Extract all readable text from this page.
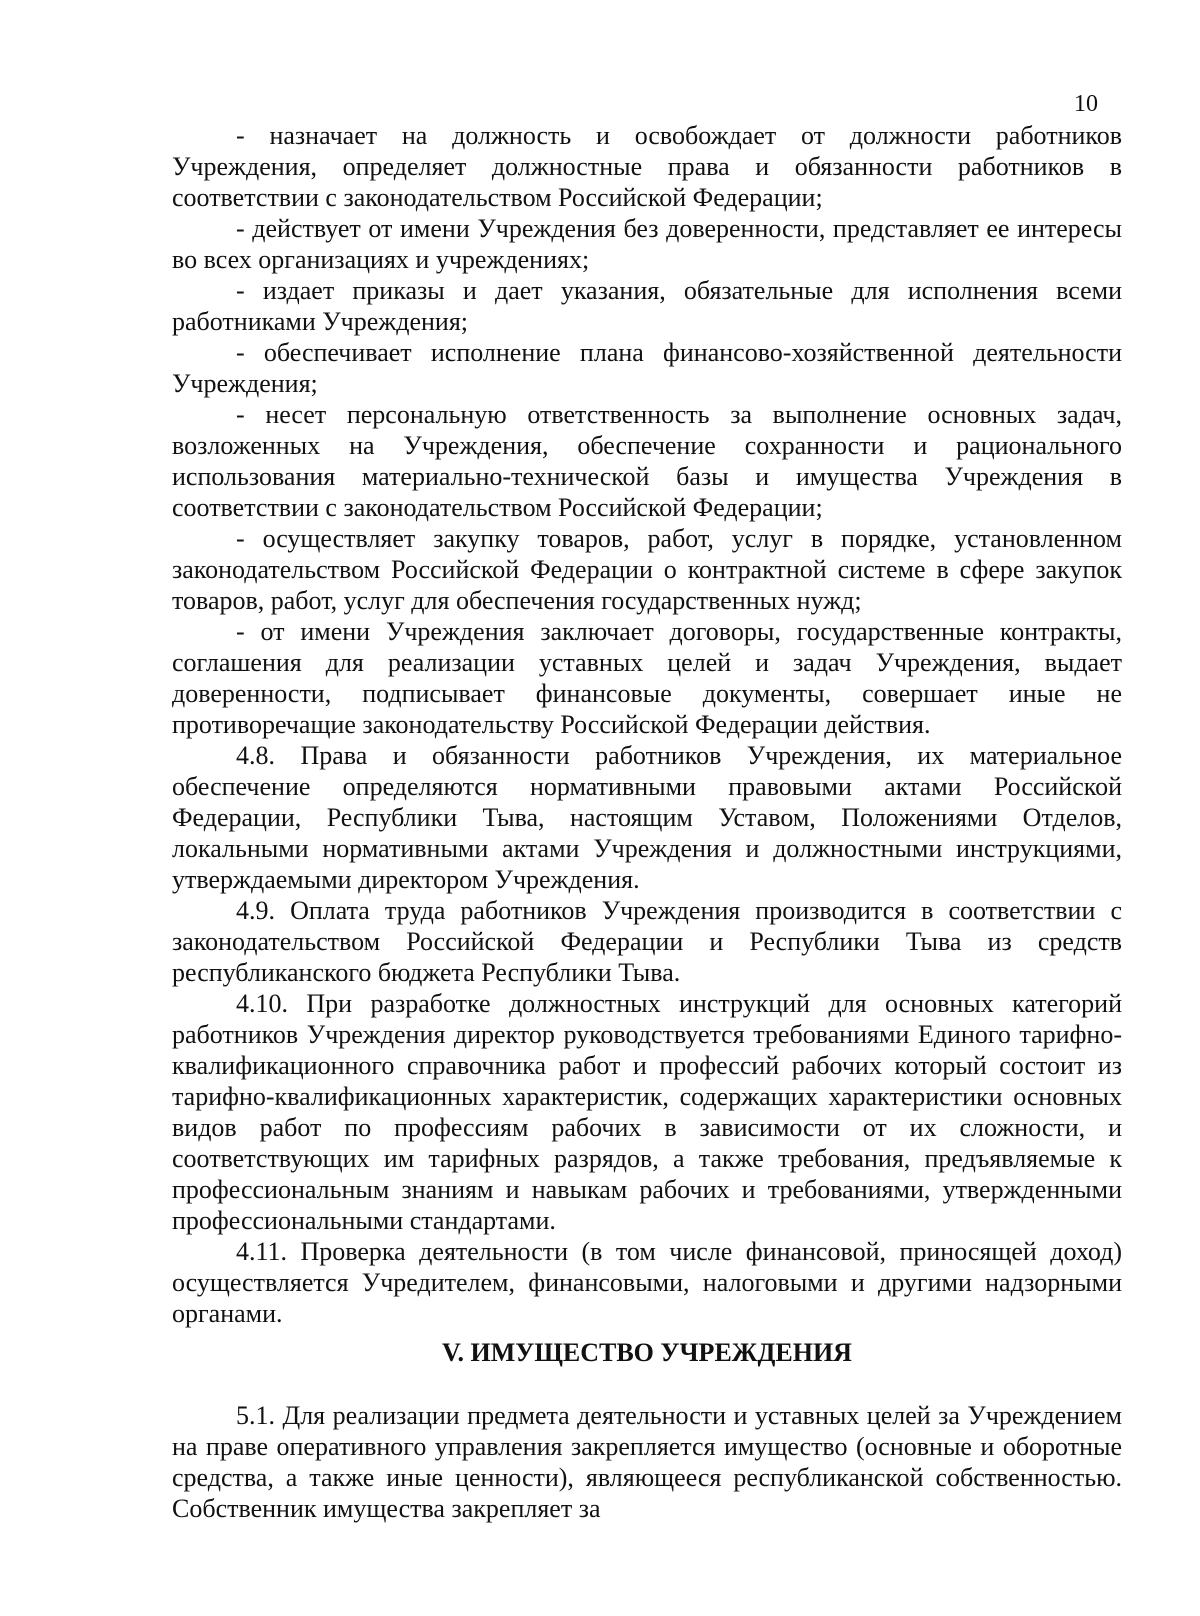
10

- назначает на должность и освобождает от должности работников Учреждения, определяет должностные права и обязанности работников в соответствии с законодательством Российской Федерации;

- действует от имени Учреждения без доверенности, представляет ее интересы во всех организациях и учреждениях;

- издает приказы и дает указания, обязательные для исполнения всеми работниками Учреждения;

- обеспечивает исполнение плана финансово-хозяйственной деятельности Учреждения;

- несет персональную ответственность за выполнение основных задач, возложенных на Учреждения, обеспечение сохранности и рационального использования материально-технической базы и имущества Учреждения в соответствии с законодательством Российской Федерации;

- осуществляет закупку товаров, работ, услуг в порядке, установленном законодательством Российской Федерации о контрактной системе в сфере закупок товаров, работ, услуг для обеспечения государственных нужд;

- от имени Учреждения заключает договоры, государственные контракты, соглашения для реализации уставных целей и задач Учреждения, выдает доверенности, подписывает финансовые документы, совершает иные не противоречащие законодательству Российской Федерации действия.

4.8. Права и обязанности работников Учреждения, их материальное обеспечение определяются нормативными правовыми актами Российской Федерации, Республики Тыва, настоящим Уставом, Положениями Отделов, локальными нормативными актами Учреждения и должностными инструкциями, утверждаемыми директором Учреждения.

4.9. Оплата труда работников Учреждения производится в соответствии с законодательством Российской Федерации и Республики Тыва из средств республиканского бюджета Республики Тыва.

4.10. При разработке должностных инструкций для основных категорий работников Учреждения директор руководствуется требованиями Единого тарифно-квалификационного справочника работ и профессий рабочих который состоит из тарифно-квалификационных характеристик, содержащих характеристики основных видов работ по профессиям рабочих в зависимости от их сложности, и соответствующих им тарифных разрядов, а также требования, предъявляемые к профессиональным знаниям и навыкам рабочих и требованиями, утвержденными профессиональными стандартами.

4.11. Проверка деятельности (в том числе финансовой, приносящей доход) осуществляется Учредителем, финансовыми, налоговыми и другими надзорными органами.

V. ИМУЩЕСТВО УЧРЕЖДЕНИЯ

5.1. Для реализации предмета деятельности и уставных целей за Учреждением на праве оперативного управления закрепляется имущество (основные и оборотные средства, а также иные ценности), являющееся республиканской собственностью. Собственник имущества закрепляет за
